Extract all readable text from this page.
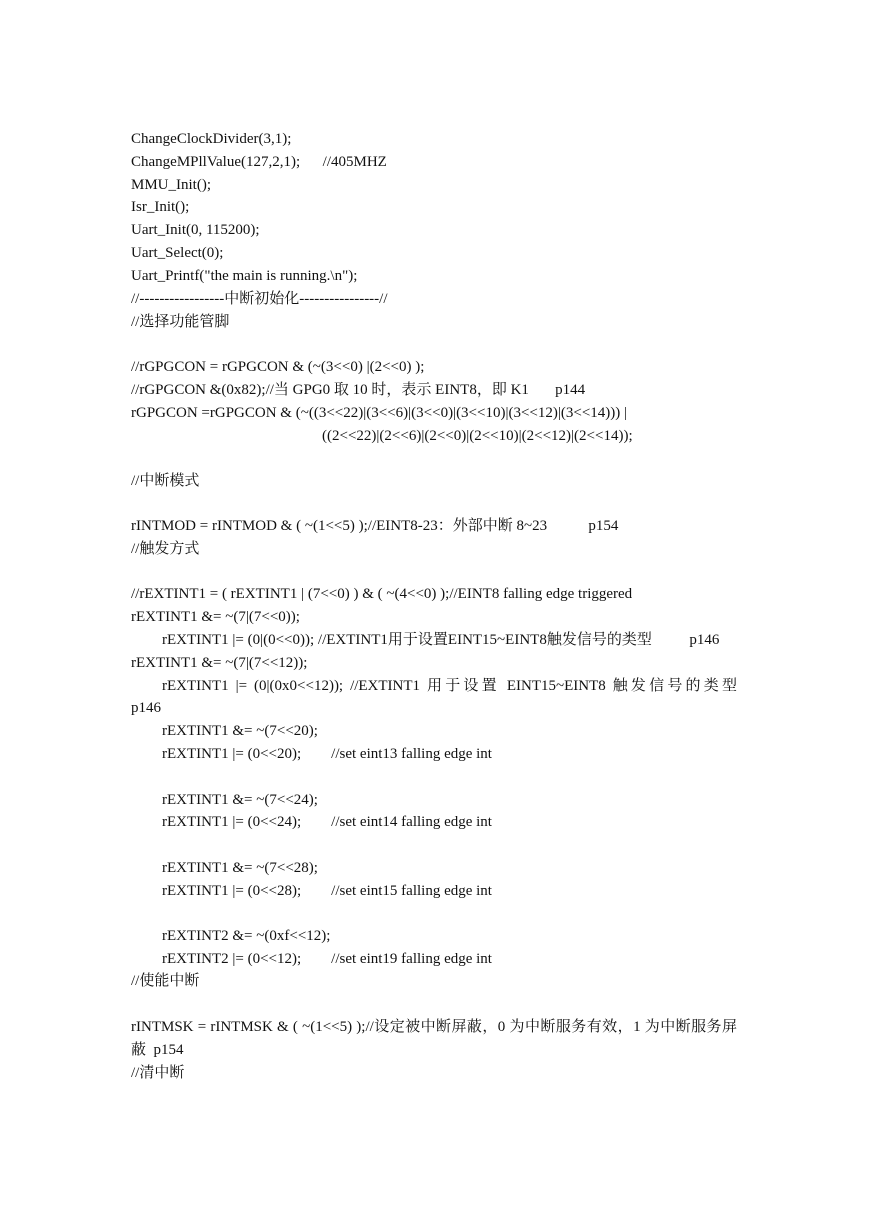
ChangeClockDivider(3,1);
ChangeMPllValue(127,2,1);      //405MHZ
MMU_Init();
Isr_Init();
Uart_Init(0, 115200);
Uart_Select(0);
Uart_Printf("the main is running.\n");
//-----------------中断初始化----------------//
//选择功能管脚
//rGPGCON = rGPGCON & (~(3<<0) |(2<<0) );
//rGPGCON &(0x82);//当 GPG0 取 10 时，表示 EINT8，即 K1       p144
rGPGCON =rGPGCON & (~((3<<22)|(3<<6)|(3<<0)|(3<<10)|(3<<12)|(3<<14))) |
((2<<22)|(2<<6)|(2<<0)|(2<<10)|(2<<12)|(2<<14));
//中断模式
rINTMOD = rINTMOD & ( ~(1<<5) );//EINT8-23：外部中断 8~23           p154
//触发方式
//rEXTINT1 = ( rEXTINT1 | (7<<0) ) & ( ~(4<<0) );//EINT8 falling edge triggered
rEXTINT1 &= ~(7|(7<<0));
rEXTINT1 |= (0|(0<<0)); //EXTINT1用于设置EINT15~EINT8触发信号的类型          p146
rEXTINT1 &= ~(7|(7<<12));
rEXTINT1 |= (0|(0x0<<12)); //EXTINT1 用于设置 EINT15~EINT8 触发信号的类型
p146
rEXTINT1 &= ~(7<<20);
rEXTINT1 |= (0<<20);        //set eint13 falling edge int
rEXTINT1 &= ~(7<<24);
rEXTINT1 |= (0<<24);        //set eint14 falling edge int
rEXTINT1 &= ~(7<<28);
rEXTINT1 |= (0<<28);        //set eint15 falling edge int
rEXTINT2 &= ~(0xf<<12);
rEXTINT2 |= (0<<12);        //set eint19 falling edge int
//使能中断
rINTMSK = rINTMSK & ( ~(1<<5) );//设定被中断屏蔽，0 为中断服务有效，1 为中断服务屏
蔽  p154
//清中断
